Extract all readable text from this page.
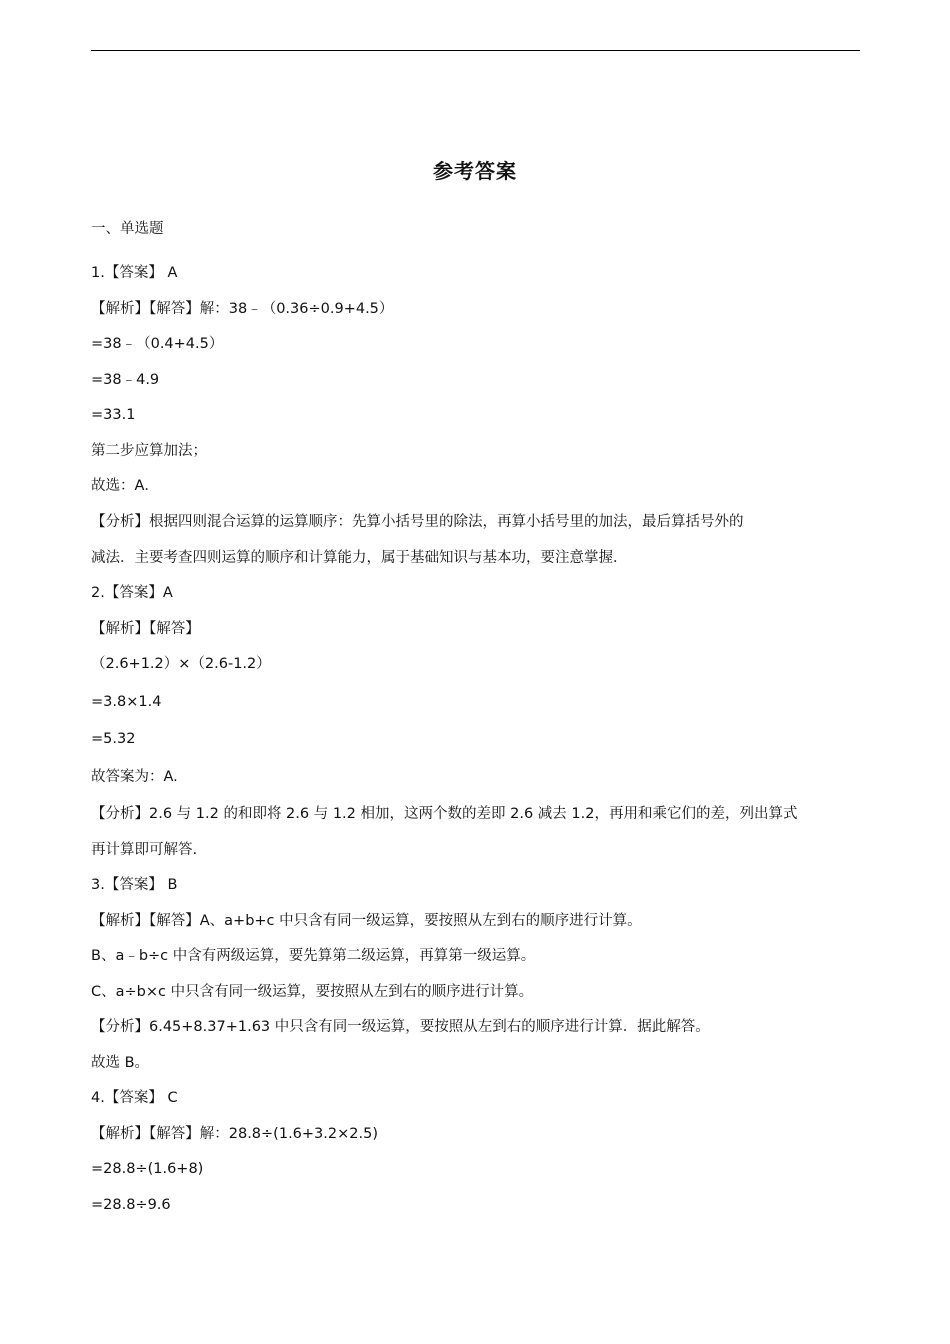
参考答案

一、单选题

1.【答案】 A

【解析】【解答】解：38﹣（0.36÷0.9+4.5）

=38﹣（0.4+4.5）

=38﹣4.9

=33.1

第二步应算加法；

故选：A．

【分析】根据四则混合运算的运算顺序：先算小括号里的除法，再算小括号里的加法，最后算括号外的

减法．主要考查四则运算的顺序和计算能力，属于基础知识与基本功，要注意掌握．

2.【答案】A

【解析】【解答】

（2.6+1.2）×（2.6-1.2）

=3.8×1.4

=5.32

故答案为：A.

【分析】2.6 与 1.2 的和即将 2.6 与 1.2 相加，这两个数的差即 2.6 减去 1.2，再用和乘它们的差，列出算式

再计算即可解答.

3.【答案】 B

【解析】【解答】A、a+b+c 中只含有同一级运算，要按照从左到右的顺序进行计算。

B、a﹣b÷c 中含有两级运算，要先算第二级运算，再算第一级运算。

C、a÷b×c 中只含有同一级运算，要按照从左到右的顺序进行计算。

【分析】6.45+8.37+1.63 中只含有同一级运算，要按照从左到右的顺序进行计算．据此解答。

故选 B。

4.【答案】 C

【解析】【解答】解：28.8÷(1.6+3.2×2.5)

=28.8÷(1.6+8)

=28.8÷9.6
